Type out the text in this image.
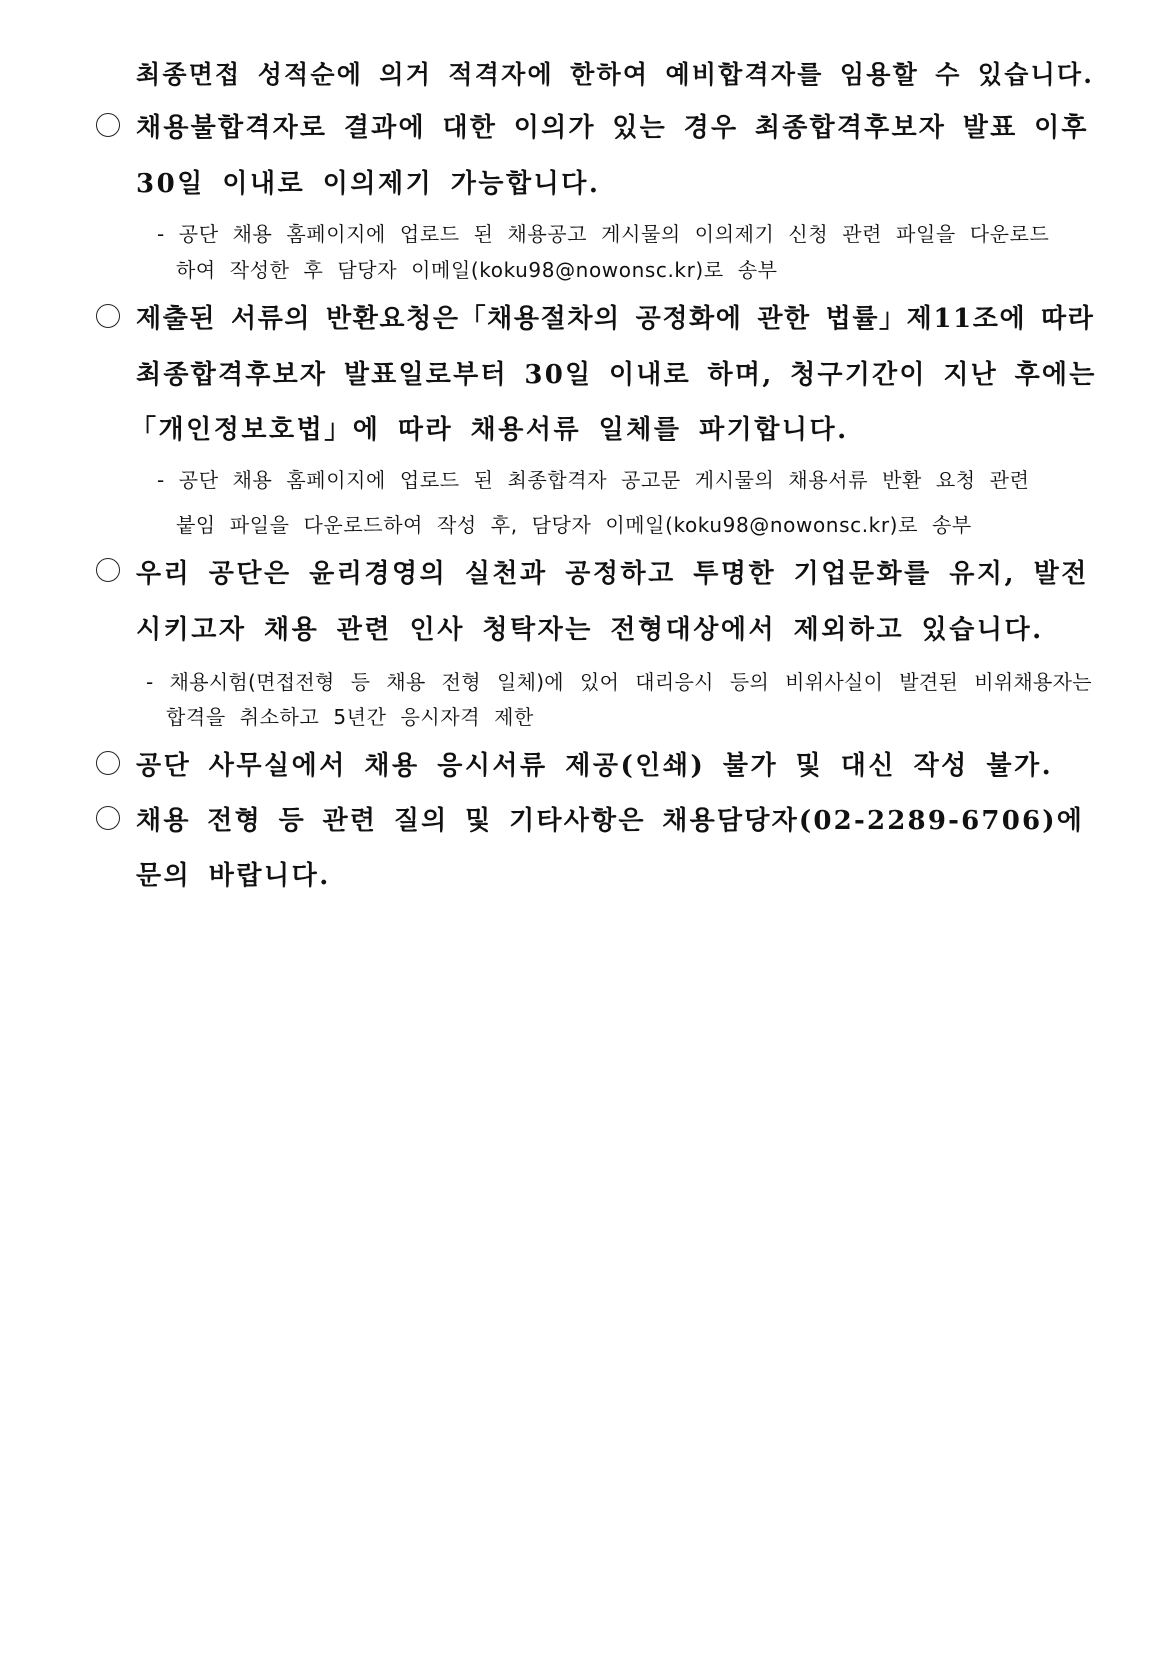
최종면접 성적순에 의거 적격자에 한하여 예비합격자를 임용할 수 있습니다.
채용불합격자로 결과에 대한 이의가 있는 경우 최종합격후보자 발표 이후
30일 이내로 이의제기 가능합니다.
- 공단 채용 홈페이지에 업로드 된 채용공고 게시물의 이의제기 신청 관련 파일을 다운로드
하여 작성한 후 담당자 이메일(koku98@nowonsc.kr)로 송부
제출된 서류의 반환요청은「채용절차의 공정화에 관한 법률」제11조에 따라
최종합격후보자 발표일로부터 30일 이내로 하며, 청구기간이 지난 후에는
「개인정보호법」에 따라 채용서류 일체를 파기합니다.
- 공단 채용 홈페이지에 업로드 된 최종합격자 공고문 게시물의 채용서류 반환 요청 관련
붙임 파일을 다운로드하여 작성 후, 담당자 이메일(koku98@nowonsc.kr)로 송부
우리 공단은 윤리경영의 실천과 공정하고 투명한 기업문화를 유지, 발전
시키고자 채용 관련 인사 청탁자는 전형대상에서 제외하고 있습니다.
- 채용시험(면접전형 등 채용 전형 일체)에 있어 대리응시 등의 비위사실이 발견된 비위채용자는
합격을 취소하고 5년간 응시자격 제한
공단 사무실에서 채용 응시서류 제공(인쇄) 불가 및 대신 작성 불가.
채용 전형 등 관련 질의 및 기타사항은 채용담당자(02-2289-6706)에
문의 바랍니다.
